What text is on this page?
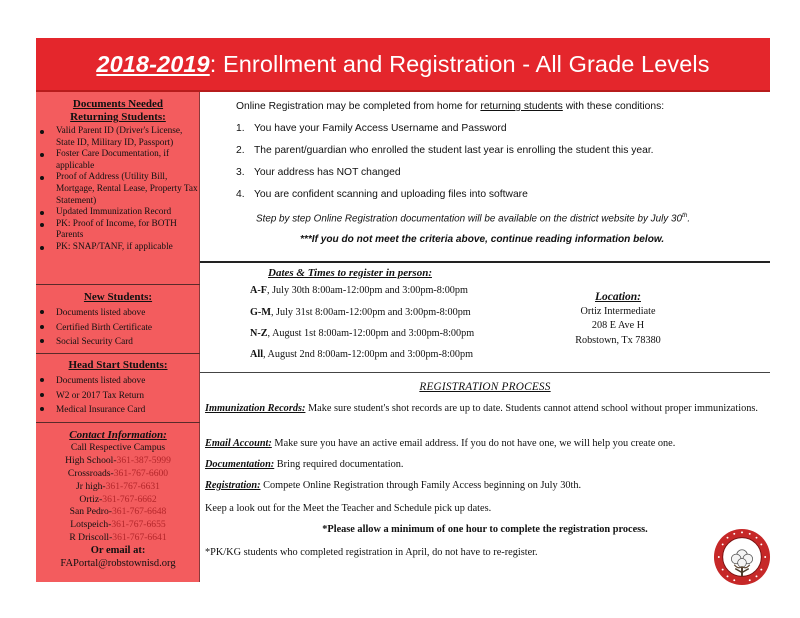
2018-2019: Enrollment and Registration - All Grade Levels
Documents Needed
Returning Students:
Valid Parent ID (Driver's License, State ID, Military ID, Passport)
Foster Care Documentation, if applicable
Proof of Address (Utility Bill, Mortgage, Rental Lease, Property Tax Statement)
Updated Immunization Record
PK: Proof of Income, for BOTH Parents
PK: SNAP/TANF, if applicable
New Students:
Documents listed above
Certified Birth Certificate
Social Security Card
Head Start Students:
Documents listed above
W2 or 2017 Tax Return
Medical Insurance Card
Contact Information:
Call Respective Campus
High School-361-387-5999
Crossroads-361-767-6600
Jr high-361-767-6631
Ortiz-361-767-6662
San Pedro-361-767-6648
Lotspeich-361-767-6655
R Driscoll-361-767-6641
Or email at:
FAPortal@robstownisd.org
Online Registration may be completed from home for returning students with these conditions:
1. You have your Family Access Username and Password
2. The parent/guardian who enrolled the student last year is enrolling the student this year.
3. Your address has NOT changed
4. You are confident scanning and uploading files into software
Step by step Online Registration documentation will be available on the district website by July 30th.
***If you do not meet the criteria above, continue reading information below.
Dates & Times to register in person:
A-F, July 30th 8:00am-12:00pm and 3:00pm-8:00pm
G-M, July 31st 8:00am-12:00pm and 3:00pm-8:00pm
N-Z, August 1st 8:00am-12:00pm and 3:00pm-8:00pm
All, August 2nd 8:00am-12:00pm and 3:00pm-8:00pm
Location:
Ortiz Intermediate
208 E Ave H
Robstown, Tx 78380
REGISTRATION PROCESS
Immunization Records: Make sure student's shot records are up to date. Students cannot attend school without proper immunizations.
Email Account: Make sure you have an active email address. If you do not have one, we will help you create one.
Documentation: Bring required documentation.
Registration: Compete Online Registration through Family Access beginning on July 30th.
Keep a look out for the Meet the Teacher and Schedule pick up dates.
*Please allow a minimum of one hour to complete the registration process.
*PK/KG students who completed registration in April, do not have to re-register.
